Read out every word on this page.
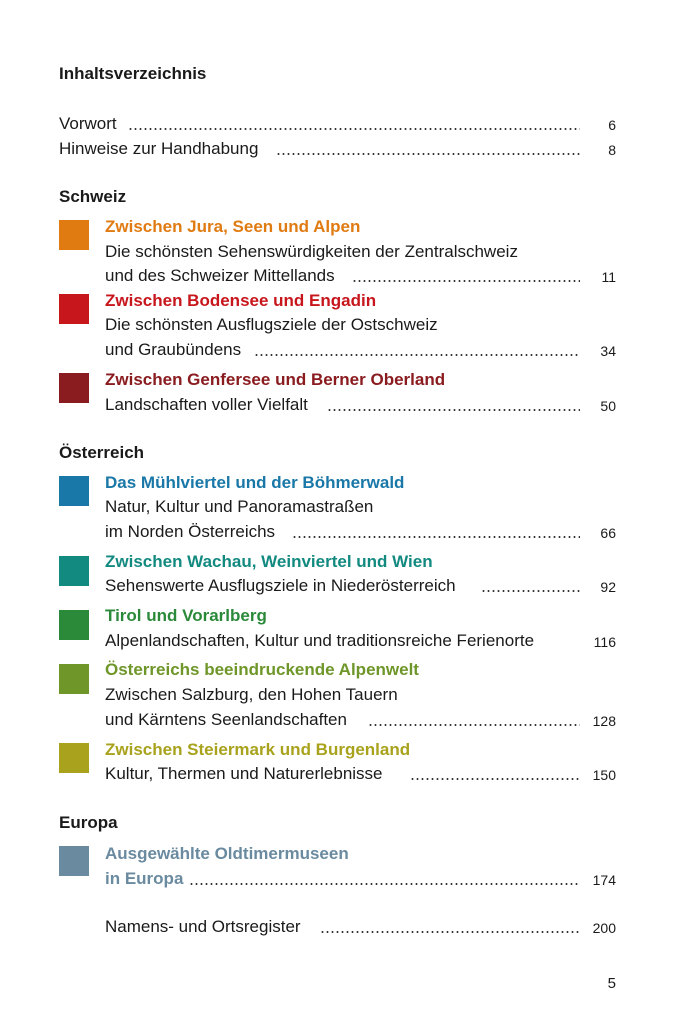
Inhaltsverzeichnis
Vorwort	6
Hinweise zur Handhabung	8
Schweiz
Zwischen Jura, Seen und Alpen
Die schönsten Sehenswürdigkeiten der Zentralschweiz
und des Schweizer Mittellands	11
Zwischen Bodensee und Engadin
Die schönsten Ausflugsziele der Ostschweiz
und Graubündens	34
Zwischen Genfersee und Berner Oberland
Landschaften voller Vielfalt	50
Österreich
Das Mühlviertel und der Böhmerwald
Natur, Kultur und Panoramastraßen
im Norden Österreichs	66
Zwischen Wachau, Weinviertel und Wien
Sehenswerte Ausflugsziele in Niederösterreich	92
Tirol und Vorarlberg
Alpenlandschaften, Kultur und traditionsreiche Ferienorte	116
Österreichs beeindruckende Alpenwelt
Zwischen Salzburg, den Hohen Tauern
und Kärntens Seenlandschaften	128
Zwischen Steiermark und Burgenland
Kultur, Thermen und Naturerlebnisse	150
Europa
Ausgewählte Oldtimermuseen
in Europa	174
Namens- und Ortsregister	200
5
